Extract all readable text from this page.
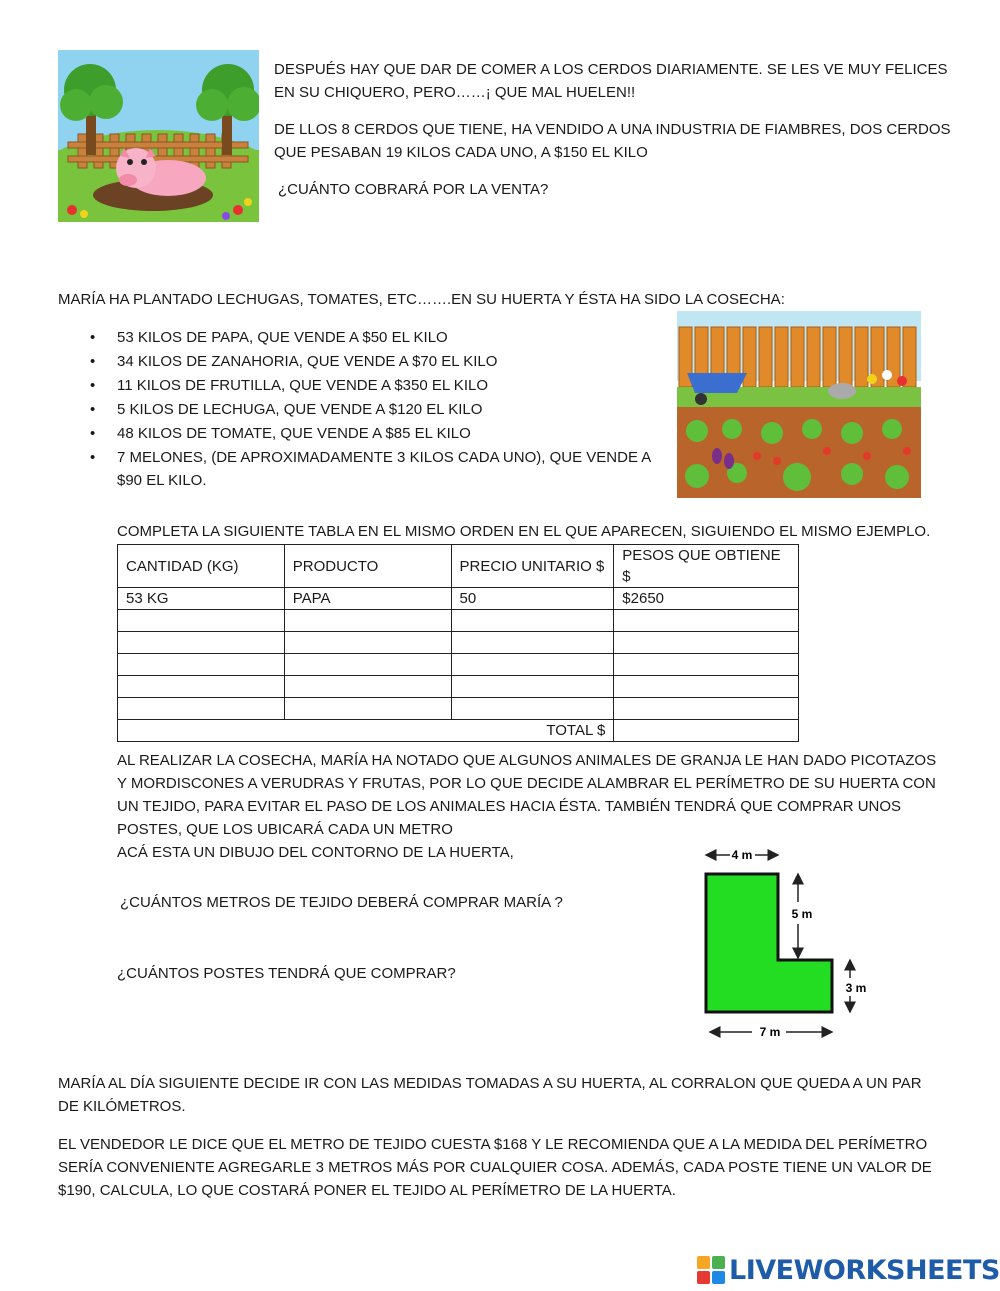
DESPUÉS HAY QUE DAR DE COMER A LOS CERDOS DIARIAMENTE. SE LES VE MUY FELICES EN SU CHIQUERO, PERO……¡ QUE MAL HUELEN!!

DE LLOS 8 CERDOS QUE TIENE, HA VENDIDO A UNA INDUSTRIA DE FIAMBRES, DOS CERDOS QUE PESABAN 19 KILOS CADA UNO, A $150 EL KILO

¿CUÁNTO COBRARÁ POR LA VENTA?

MARÍA HA PLANTADO LECHUGAS, TOMATES, ETC…….EN SU HUERTA Y ÉSTA HA SIDO LA COSECHA:

• 53 KILOS DE PAPA, QUE VENDE A $50 EL KILO
• 34 KILOS DE ZANAHORIA, QUE VENDE A $70 EL KILO
• 11 KILOS DE FRUTILLA, QUE VENDE A $350 EL KILO
• 5 KILOS DE LECHUGA, QUE VENDE A $120 EL KILO
• 48 KILOS DE TOMATE, QUE VENDE A $85 EL KILO
• 7 MELONES, (DE APROXIMADAMENTE 3 KILOS CADA UNO), QUE VENDE A $90 EL KILO.

COMPLETA LA SIGUIENTE TABLA EN EL MISMO ORDEN EN EL QUE APARECEN, SIGUIENDO EL MISMO EJEMPLO.

CANTIDAD (KG)	PRODUCTO	PRECIO UNITARIO $	PESOS QUE OBTIENE $
53 KG	PAPA	50	$2650

TOTAL $			

AL REALIZAR LA COSECHA, MARÍA HA NOTADO QUE ALGUNOS ANIMALES DE GRANJA LE HAN DADO PICOTAZOS Y MORDISCONES A VERUDRAS Y FRUTAS, POR LO QUE DECIDE ALAMBRAR EL PERÍMETRO DE SU HUERTA CON UN TEJIDO, PARA EVITAR EL PASO DE LOS ANIMALES HACIA ÉSTA. TAMBIÉN TENDRÁ QUE COMPRAR UNOS POSTES, QUE LOS UBICARÁ CADA UN METRO

ACÁ ESTA UN DIBUJO DEL CONTORNO DE LA HUERTA,

¿CUÁNTOS METROS DE TEJIDO DEBERÁ COMPRAR MARÍA ?

¿CUÁNTOS POSTES TENDRÁ QUE COMPRAR?

4 m
5 m
3 m
7 m

MARÍA AL DÍA SIGUIENTE DECIDE IR CON LAS MEDIDAS TOMADAS A SU HUERTA, AL CORRALON QUE QUEDA A UN PAR DE KILÓMETROS.

EL VENDEDOR LE DICE QUE EL METRO DE TEJIDO CUESTA $168 Y LE RECOMIENDA QUE A LA MEDIDA DEL PERÍMETRO SERÍA CONVENIENTE AGREGARLE 3 METROS MÁS POR CUALQUIER COSA. ADEMÁS, CADA POSTE TIENE UN VALOR DE $190, CALCULA, LO QUE COSTARÁ PONER EL TEJIDO AL PERÍMETRO DE LA HUERTA.

LIVEWORKSHEETS
